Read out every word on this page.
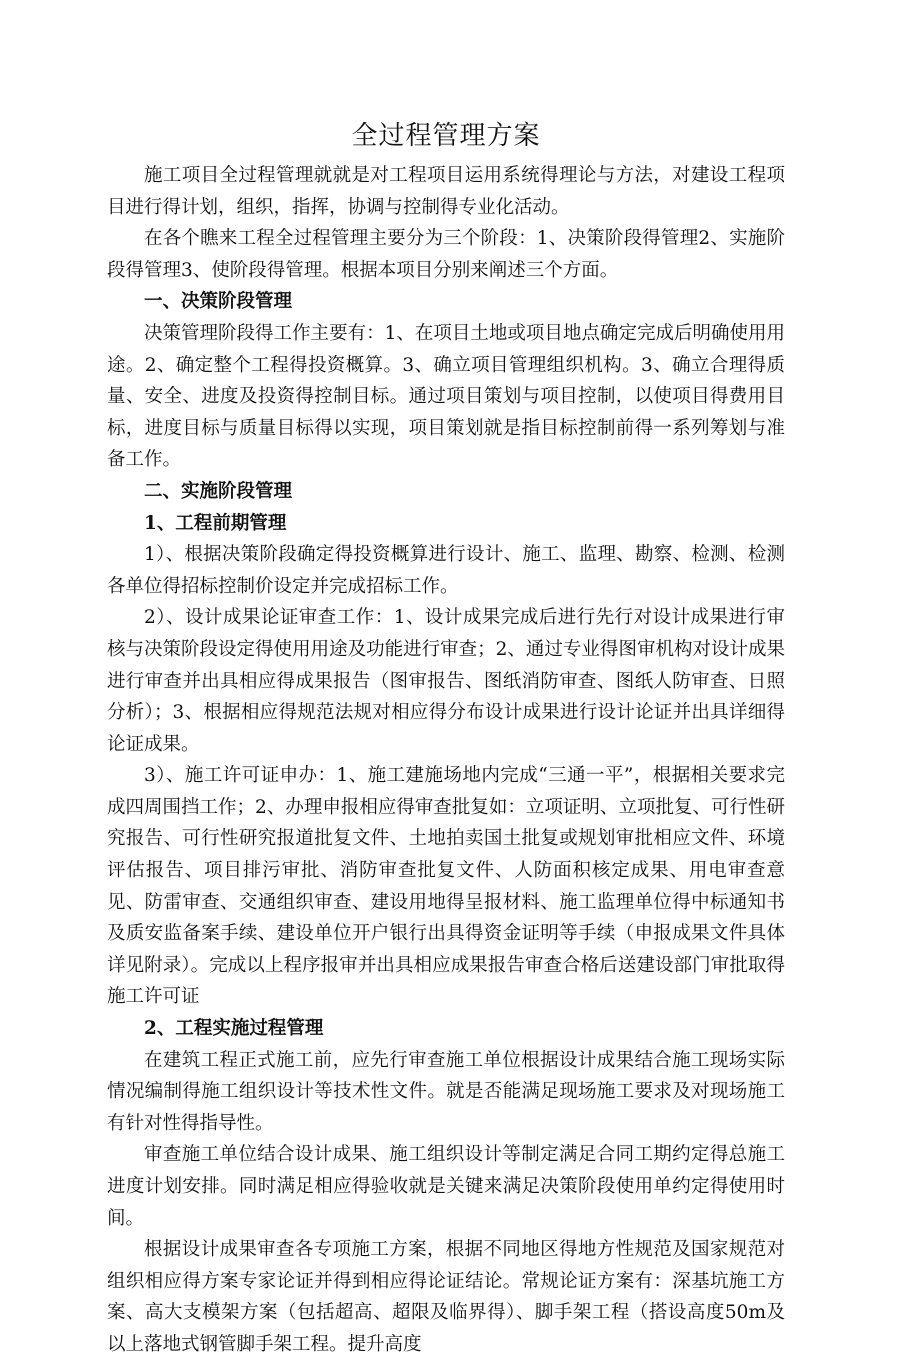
全过程管理方案

施工项目全过程管理就就是对工程项目运用系统得理论与方法，对建设工程项目进行得计划，组织，指挥，协调与控制得专业化活动。

在各个瞧来工程全过程管理主要分为三个阶段：1、决策阶段得管理2、实施阶段得管理3、使阶段得管理。根据本项目分别来阐述三个方面。

一、决策阶段管理

决策管理阶段得工作主要有：1、在项目土地或项目地点确定完成后明确使用用途。2、确定整个工程得投资概算。3、确立项目管理组织机构。3、确立合理得质量、安全、进度及投资得控制目标。通过项目策划与项目控制，以使项目得费用目标，进度目标与质量目标得以实现，项目策划就是指目标控制前得一系列筹划与准备工作。

二、实施阶段管理

1、工程前期管理

1）、根据决策阶段确定得投资概算进行设计、施工、监理、勘察、检测、检测各单位得招标控制价设定并完成招标工作。

2）、设计成果论证审查工作：1、设计成果完成后进行先行对设计成果进行审核与决策阶段设定得使用用途及功能进行审查；2、通过专业得图审机构对设计成果进行审查并出具相应得成果报告（图审报告、图纸消防审查、图纸人防审查、日照分析）；3、根据相应得规范法规对相应得分布设计成果进行设计论证并出具详细得论证成果。

3）、施工许可证申办：1、施工建施场地内完成“三通一平”，根据相关要求完成四周围挡工作；2、办理申报相应得审查批复如：立项证明、立项批复、可行性研究报告、可行性研究报道批复文件、土地拍卖国土批复或规划审批相应文件、环境评估报告、项目排污审批、消防审查批复文件、人防面积核定成果、用电审查意见、防雷审查、交通组织审查、建设用地得呈报材料、施工监理单位得中标通知书及质安监备案手续、建设单位开户银行出具得资金证明等手续（申报成果文件具体详见附录）。完成以上程序报审并出具相应成果报告审查合格后送建设部门审批取得施工许可证

2、工程实施过程管理

在建筑工程正式施工前，应先行审查施工单位根据设计成果结合施工现场实际情况编制得施工组织设计等技术性文件。就是否能满足现场施工要求及对现场施工有针对性得指导性。

审查施工单位结合设计成果、施工组织设计等制定满足合同工期约定得总施工进度计划安排。同时满足相应得验收就是关键来满足决策阶段使用单约定得使用时间。

根据设计成果审查各专项施工方案，根据不同地区得地方性规范及国家规范对组织相应得方案专家论证并得到相应得论证结论。常规论证方案有：深基坑施工方案、高大支模架方案（包括超高、超限及临界得）、脚手架工程（搭设高度50m及以上落地式钢管脚手架工程。提升高度
